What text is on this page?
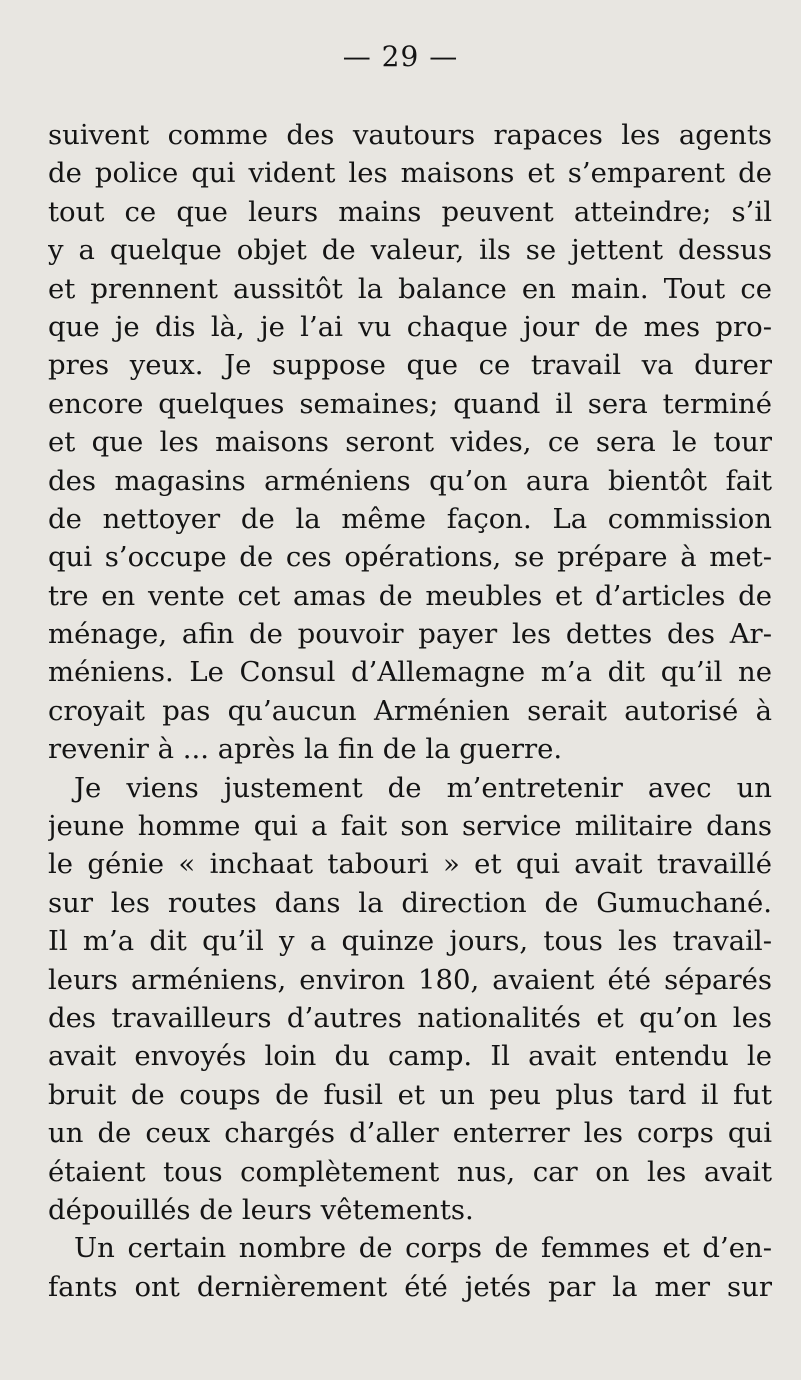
— 29 —
suivent comme des vautours rapaces les agents
de police qui vident les maisons et s’emparent de
tout ce que leurs mains peuvent atteindre; s’il
y a quelque objet de valeur, ils se jettent dessus
et prennent aussitôt la balance en main. Tout ce
que je dis là, je l’ai vu chaque jour de mes pro-
pres yeux. Je suppose que ce travail va durer
encore quelques semaines; quand il sera terminé
et que les maisons seront vides, ce sera le tour
des magasins arméniens qu’on aura bientôt fait
de nettoyer de la même façon. La commission
qui s’occupe de ces opérations, se prépare à met-
tre en vente cet amas de meubles et d’articles de
ménage, afin de pouvoir payer les dettes des Ar-
méniens. Le Consul d’Allemagne m’a dit qu’il ne
croyait pas qu’aucun Arménien serait autorisé à
revenir à ... après la fin de la guerre.
Je viens justement de m’entretenir avec un
jeune homme qui a fait son service militaire dans
le génie « inchaat tabouri » et qui avait travaillé
sur les routes dans la direction de Gumuchané.
Il m’a dit qu’il y a quinze jours, tous les travail-
leurs arméniens, environ 180, avaient été séparés
des travailleurs d’autres nationalités et qu’on les
avait envoyés loin du camp. Il avait entendu le
bruit de coups de fusil et un peu plus tard il fut
un de ceux chargés d’aller enterrer les corps qui
étaient tous complètement nus, car on les avait
dépouillés de leurs vêtements.
Un certain nombre de corps de femmes et d’en-
fants ont dernièrement été jetés par la mer sur
